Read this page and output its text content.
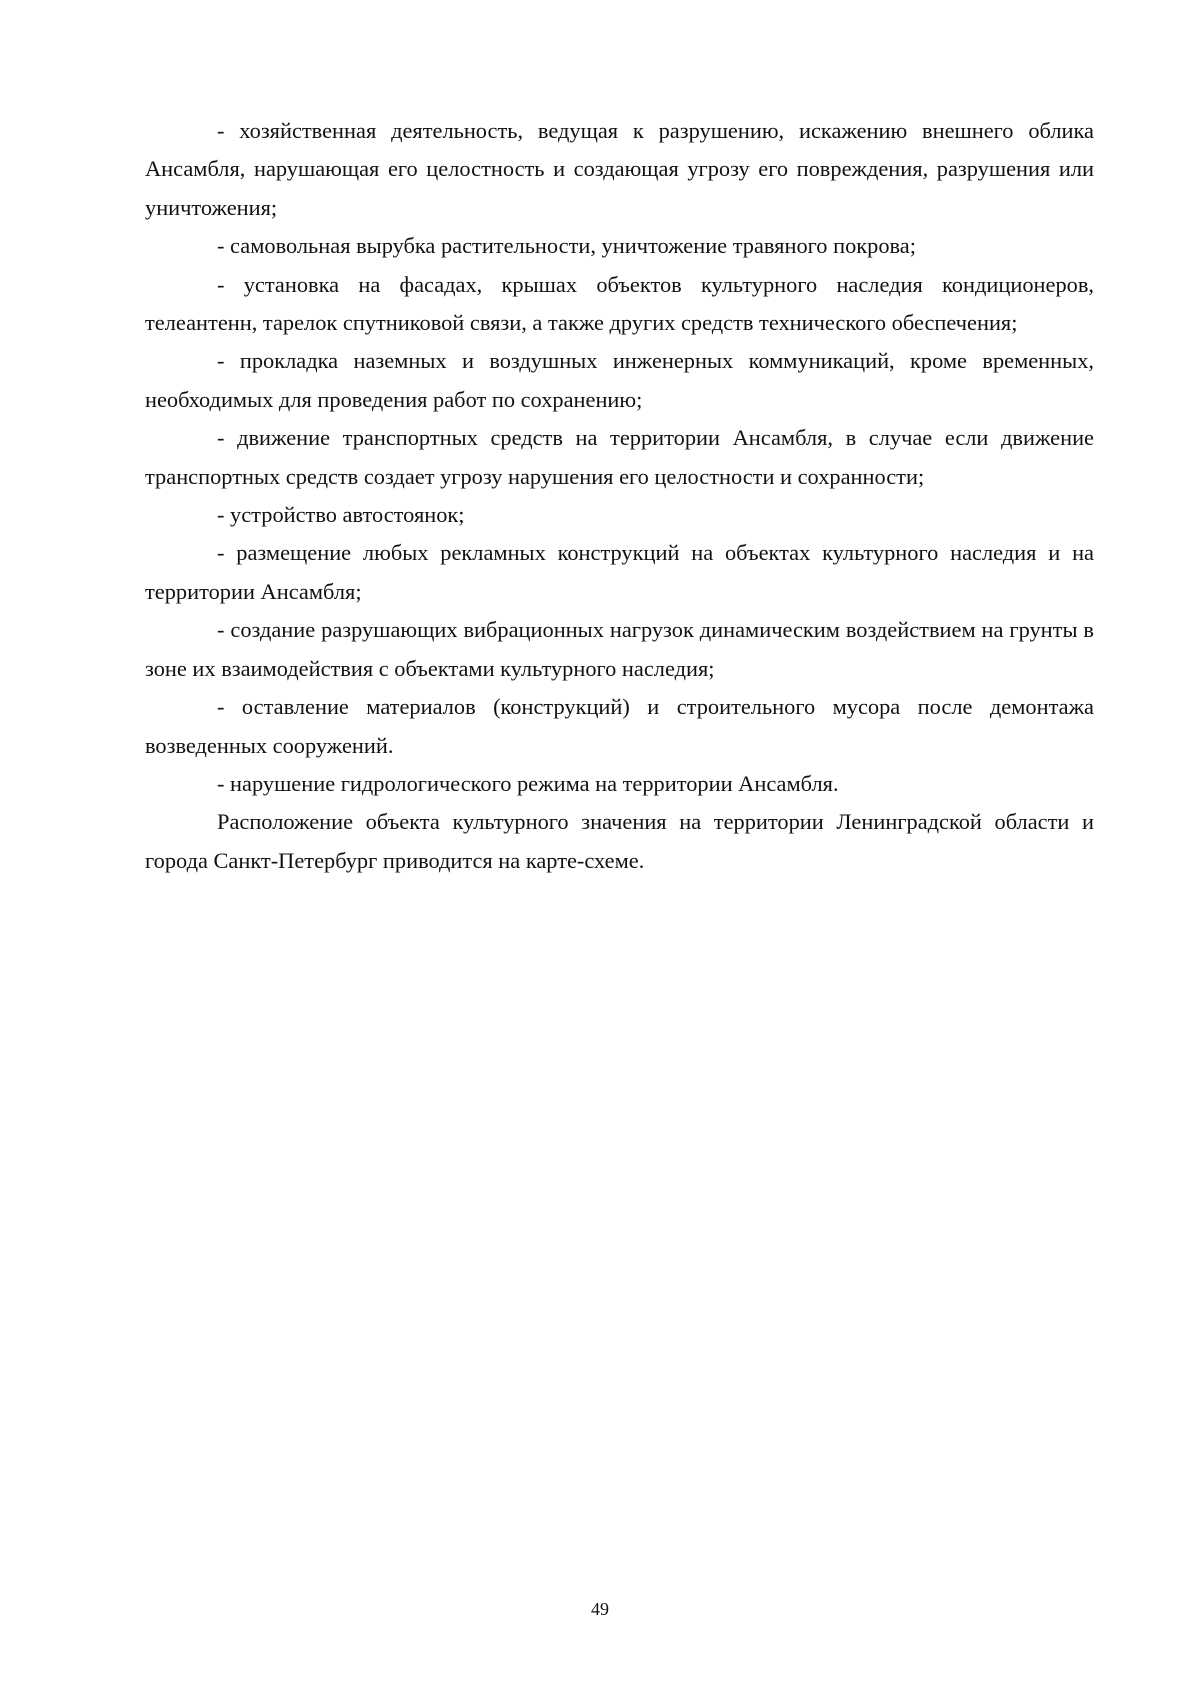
- хозяйственная деятельность, ведущая к разрушению, искажению внешнего облика Ансамбля, нарушающая его целостность и создающая угрозу его повреждения, разрушения или уничтожения;

- самовольная вырубка растительности, уничтожение травяного покрова;

- установка на фасадах, крышах объектов культурного наследия кондиционеров, телеантенн, тарелок спутниковой связи, а также других средств технического обеспечения;

- прокладка наземных и воздушных инженерных коммуникаций, кроме временных, необходимых для проведения работ по сохранению;

- движение транспортных средств на территории Ансамбля, в случае если движение транспортных средств создает угрозу нарушения его целостности и сохранности;

- устройство автостоянок;

- размещение любых рекламных конструкций на объектах культурного наследия и на территории Ансамбля;

- создание разрушающих вибрационных нагрузок динамическим воздействием на грунты в зоне их взаимодействия с объектами культурного наследия;

- оставление материалов (конструкций) и строительного мусора после демонтажа возведенных сооружений.

- нарушение гидрологического режима на территории Ансамбля.

Расположение объекта культурного значения на территории Ленинградской области и города Санкт-Петербург приводится на карте-схеме.

49
